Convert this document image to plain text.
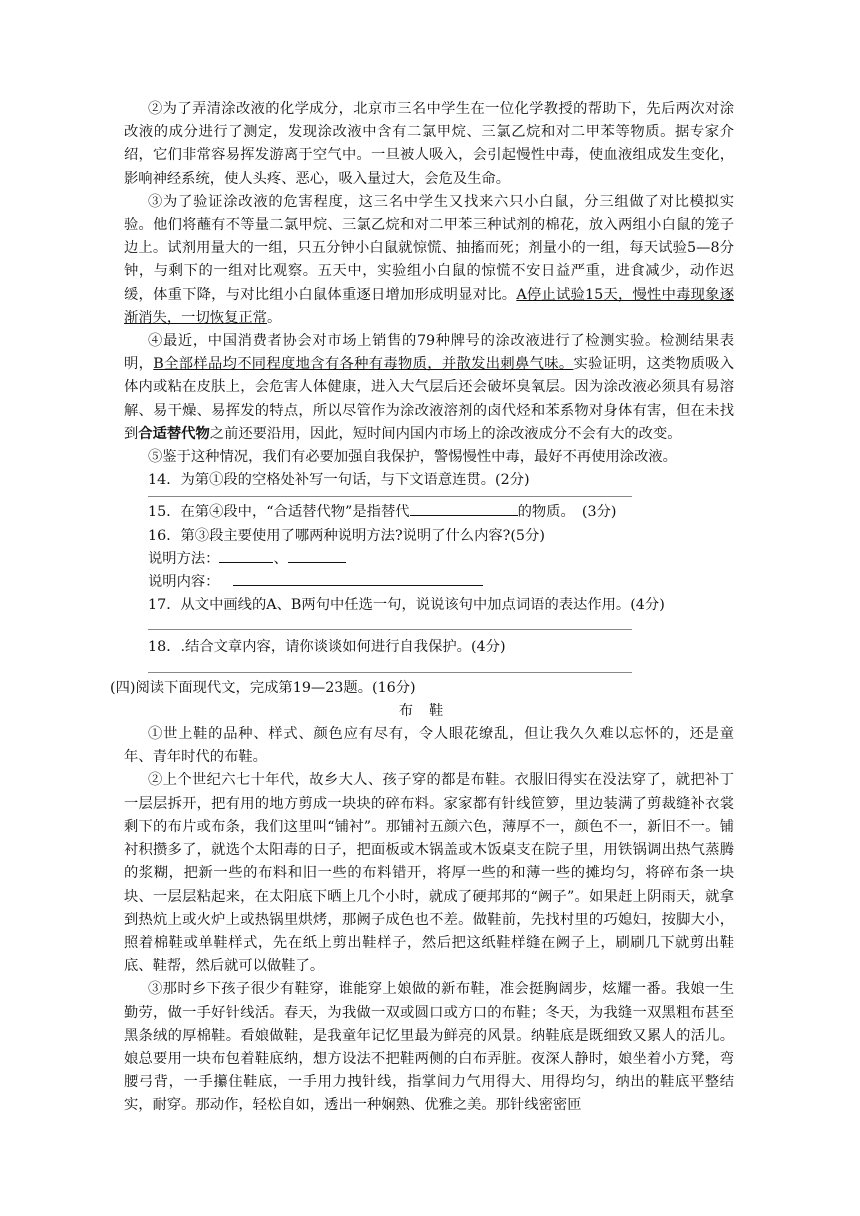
②为了弄清涂改液的化学成分，北京市三名中学生在一位化学教授的帮助下，先后两次对涂改液的成分进行了测定，发现涂改液中含有二氯甲烷、三氯乙烷和对二甲苯等物质。据专家介绍，它们非常容易挥发游离于空气中。一旦被人吸入，会引起慢性中毒，使血液组成发生变化，影响神经系统，使人头疼、恶心，吸入量过大，会危及生命。

③为了验证涂改液的危害程度，这三名中学生又找来六只小白鼠，分三组做了对比模拟实验。他们将蘸有不等量二氯甲烷、三氯乙烷和对二甲苯三种试剂的棉花，放入两组小白鼠的笼子边上。试剂用量大的一组，只五分钟小白鼠就惊慌、抽搐而死；剂量小的一组，每天试验5—8分钟，与剩下的一组对比观察。五天中，实验组小白鼠的惊慌不安日益严重，进食减少，动作迟缓，体重下降，与对比组小白鼠体重逐日增加形成明显对比。A停止试验15天，慢性中毒现象逐渐消失，一切恢复正常。

④最近，中国消费者协会对市场上销售的79种牌号的涂改液进行了检测实验。检测结果表明，B全部样品均不同程度地含有各种有毒物质，并散发出刺鼻气味。实验证明，这类物质吸入体内或粘在皮肤上，会危害人体健康，进入大气层后还会破坏臭氧层。因为涂改液必须具有易溶解、易干燥、易挥发的特点，所以尽管作为涂改液溶剂的卤代烃和苯系物对身体有害，但在未找到合适替代物之前还要沿用，因此，短时间内国内市场上的涂改液成分不会有大的改变。

⑤鉴于这种情况，我们有必要加强自我保护，警惕慢性中毒，最好不再使用涂改液。

14．为第①段的空格处补写一句话，与下文语意连贯。(2分)

15．在第④段中，“合适替代物”是指替代	的物质。　(3分)

16．第③段主要使用了哪两种说明方法?说明了什么内容?(5分)

说明方法：	、

说明内容：

17．从文中画线的A、B两句中任选一句，说说该句中加点词语的表达作用。(4分)

18．.结合文章内容，请你谈谈如何进行自我保护。(4分)

(四)阅读下面现代文，完成第19—23题。(16分)

布鞋

①世上鞋的品种、样式、颜色应有尽有，令人眼花缭乱，但让我久久难以忘怀的，还是童年、青年时代的布鞋。

②上个世纪六七十年代，故乡大人、孩子穿的都是布鞋。衣服旧得实在没法穿了，就把补丁一层层拆开，把有用的地方剪成一块块的碎布料。家家都有针线笸箩，里边装满了剪裁缝补衣裳剩下的布片或布条，我们这里叫“铺衬”。那铺衬五颜六色，薄厚不一，颜色不一，新旧不一。铺衬积攒多了，就选个太阳毒的日子，把面板或木锅盖或木饭桌支在院子里，用铁锅调出热气蒸腾的浆糊，把新一些的布料和旧一些的布料错开，将厚一些的和薄一些的摊均匀，将碎布条一块块、一层层粘起来，在太阳底下晒上几个小时，就成了硬邦邦的“阙子”。如果赶上阴雨天，就拿到热炕上或火炉上或热锅里烘烤，那阙子成色也不差。做鞋前，先找村里的巧媳妇，按脚大小，照着棉鞋或单鞋样式，先在纸上剪出鞋样子，然后把这纸鞋样缝在阙子上，刷刷几下就剪出鞋底、鞋帮，然后就可以做鞋了。

③那时乡下孩子很少有鞋穿，谁能穿上娘做的新布鞋，准会挺胸阔步，炫耀一番。我娘一生勤劳，做一手好针线活。春天，为我做一双或圆口或方口的布鞋；冬天，为我缝一双黑粗布甚至黑条绒的厚棉鞋。看娘做鞋，是我童年记忆里最为鲜亮的风景。纳鞋底是既细致又累人的活儿。娘总要用一块布包着鞋底纳，想方设法不把鞋两侧的白布弄脏。夜深人静时，娘坐着小方凳，弯腰弓背，一手攥住鞋底，一手用力拽针线，指掌间力气用得大、用得均匀，纳出的鞋底平整结实，耐穿。那动作，轻松自如，透出一种娴熟、优雅之美。那针线密密匝
